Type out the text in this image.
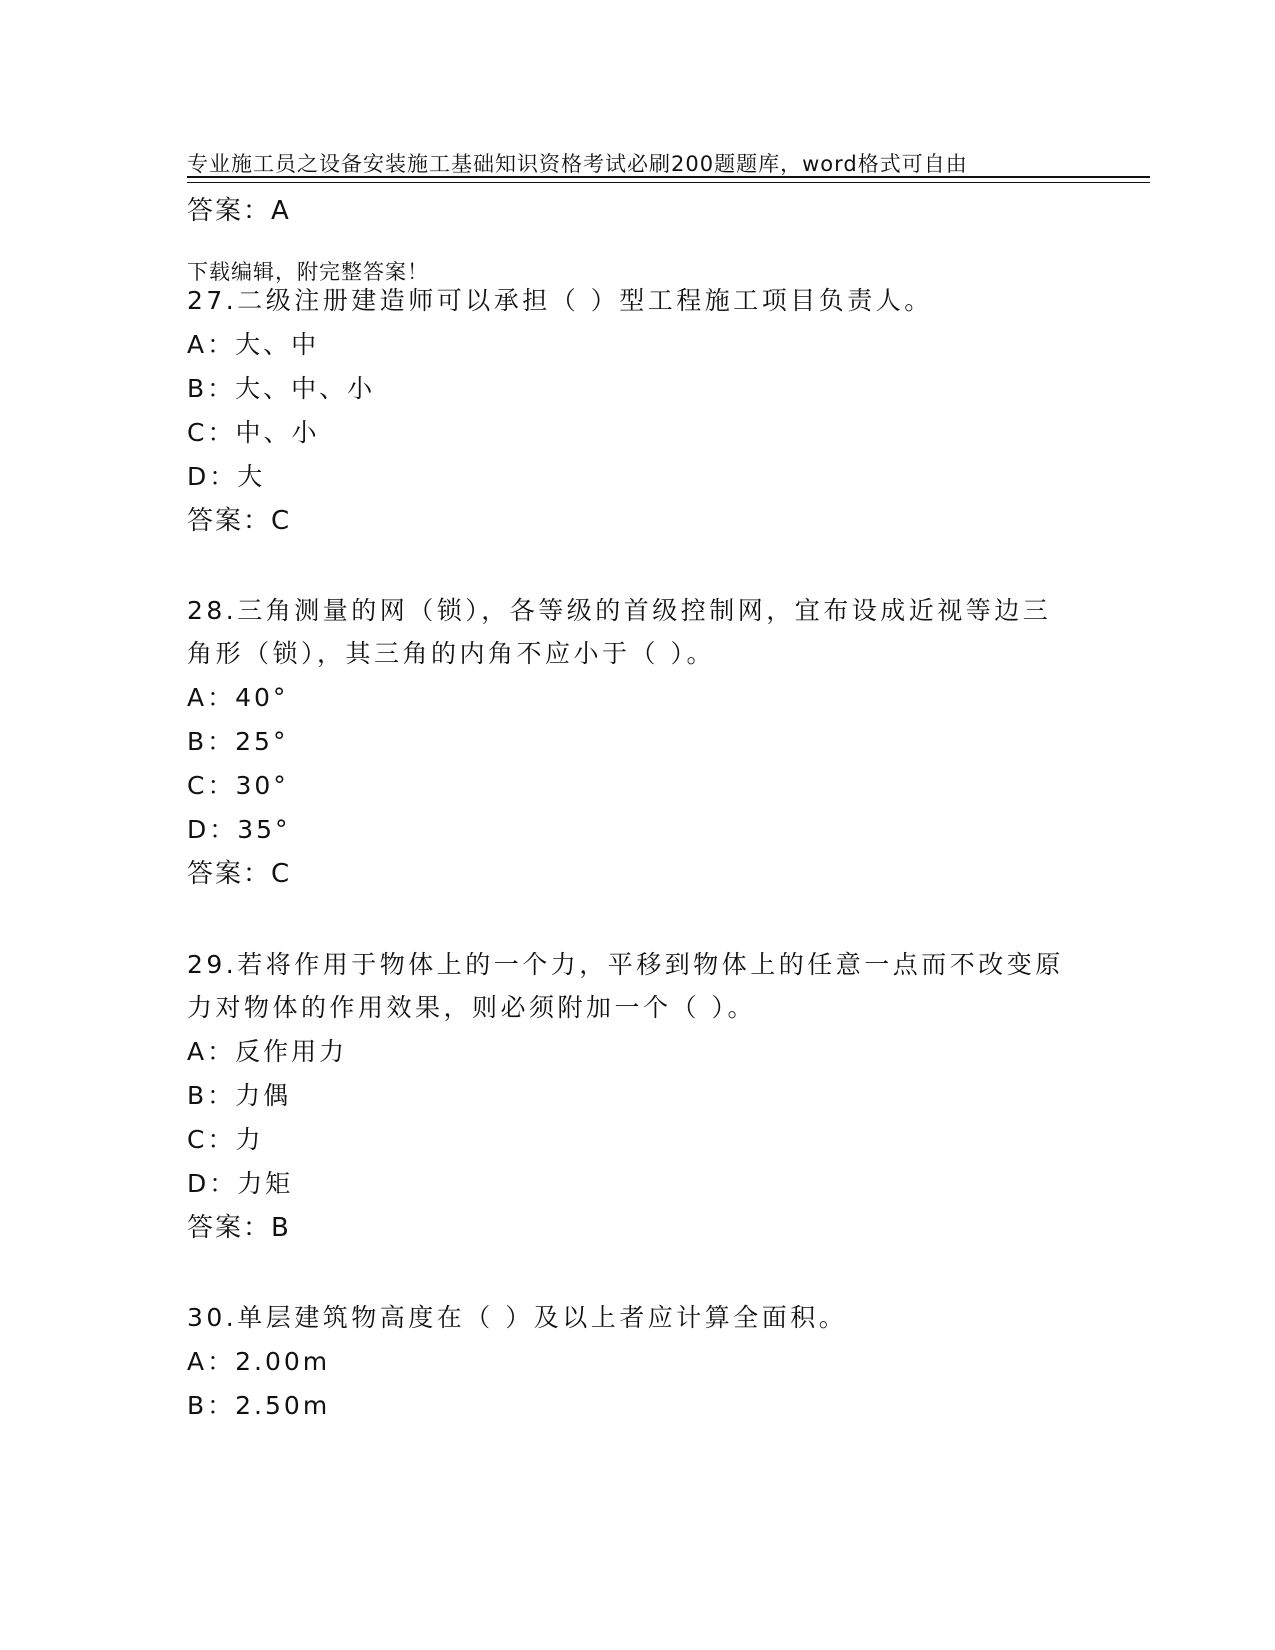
专业施工员之设备安装施工基础知识资格考试必刷200题题库，word格式可自由

下载编辑，附完整答案！

答案：A
27.二级注册建造师可以承担（ ）型工程施工项目负责人。
A：大、中
B：大、中、小
C：中、小
D：大
答案：C
28.三角测量的网（锁），各等级的首级控制网，宜布设成近视等边三
角形（锁），其三角的内角不应小于（ ）。
A：40°
B：25°
C：30°
D：35°
答案：C
29.若将作用于物体上的一个力，平移到物体上的任意一点而不改变原
力对物体的作用效果，则必须附加一个（ ）。
A：反作用力
B：力偶
C：力
D：力矩
答案：B
30.单层建筑物高度在（ ）及以上者应计算全面积。
A：2.00m
B：2.50m
